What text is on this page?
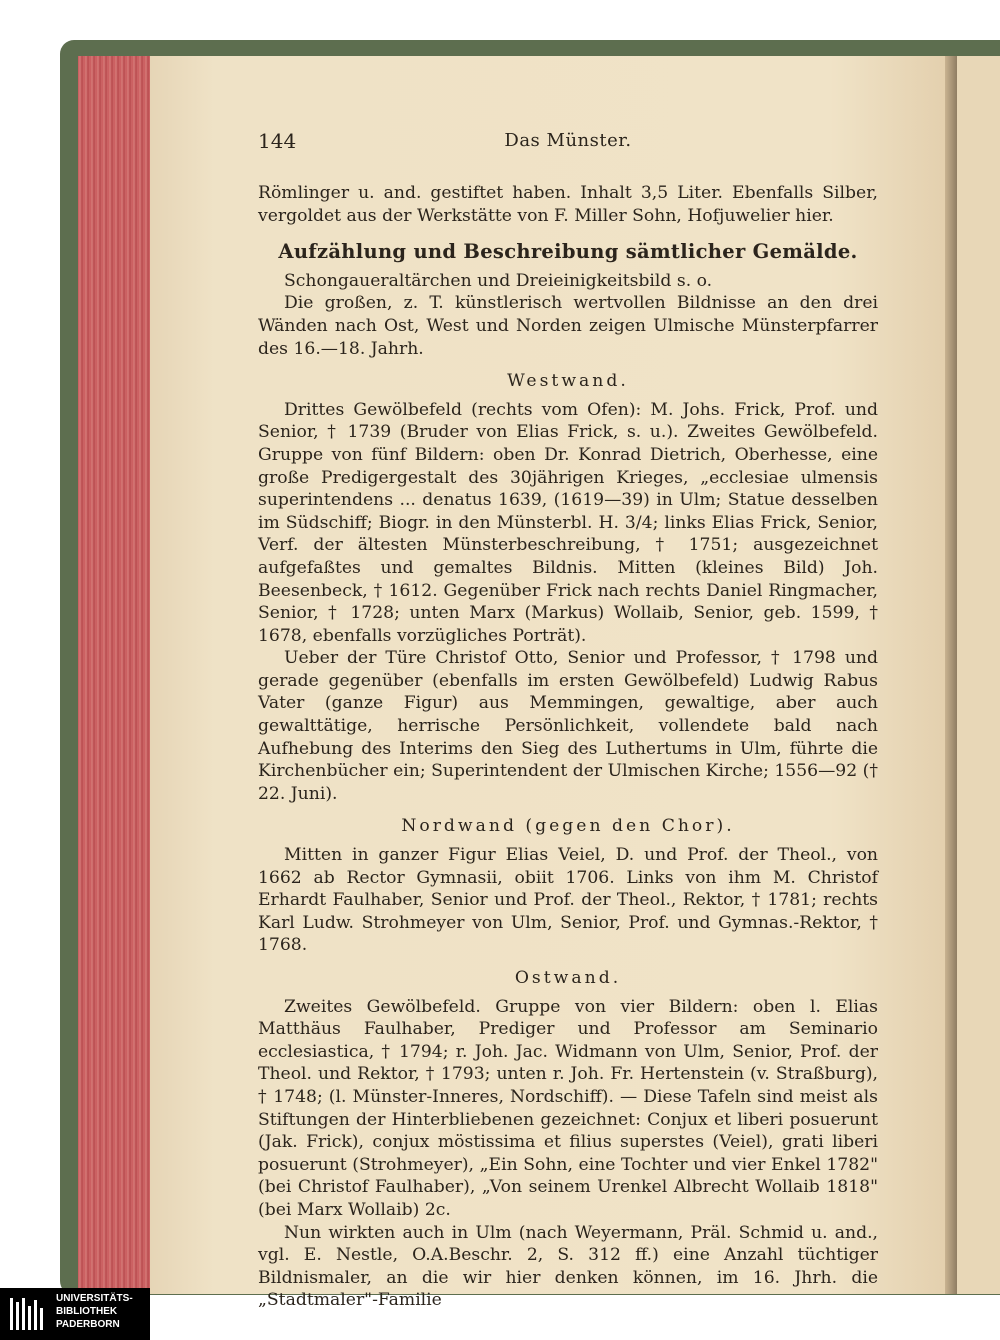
144	Das Münster.

Römlinger u. and. gestiftet haben. Inhalt 3,5 Liter. Ebenfalls Silber, vergoldet aus der Werkstätte von F. Miller Sohn, Hofjuwelier hier.

Aufzählung und Beschreibung sämtlicher Gemälde.

Schongaueraltärchen und Dreieinigkeitsbild s. o.

Die großen, z. T. künstlerisch wertvollen Bildnisse an den drei Wänden nach Ost, West und Norden zeigen Ulmische Münsterpfarrer des 16.—18. Jahrh.

Westwand.

Drittes Gewölbefeld (rechts vom Ofen): M. Johs. Frick, Prof. und Senior, † 1739 (Bruder von Elias Frick, s. u.). Zweites Gewölbefeld. Gruppe von fünf Bildern: oben Dr. Konrad Dietrich, Oberhesse, eine große Predigergestalt des 30jährigen Krieges, „ecclesiae ulmensis superintendens ... denatus 1639, (1619—39) in Ulm; Statue desselben im Südschiff; Biogr. in den Münsterbl. H. 3/4; links Elias Frick, Senior, Verf. der ältesten Münsterbeschreibung, † 1751; ausgezeichnet aufgefaßtes und gemaltes Bildnis. Mitten (kleines Bild) Joh. Beesenbeck, † 1612. Gegenüber Frick nach rechts Daniel Ringmacher, Senior, † 1728; unten Marx (Markus) Wollaib, Senior, geb. 1599, † 1678, ebenfalls vorzügliches Porträt).

Ueber der Türe Christof Otto, Senior und Professor, † 1798 und gerade gegenüber (ebenfalls im ersten Gewölbefeld) Ludwig Rabus Vater (ganze Figur) aus Memmingen, gewaltige, aber auch gewalttätige, herrische Persönlichkeit, vollendete bald nach Aufhebung des Interims den Sieg des Luthertums in Ulm, führte die Kirchenbücher ein; Superintendent der Ulmischen Kirche; 1556—92 († 22. Juni).

Nordwand (gegen den Chor).

Mitten in ganzer Figur Elias Veiel, D. und Prof. der Theol., von 1662 ab Rector Gymnasii, obiit 1706. Links von ihm M. Christof Erhardt Faulhaber, Senior und Prof. der Theol., Rektor, † 1781; rechts Karl Ludw. Strohmeyer von Ulm, Senior, Prof. und Gymnas.-Rektor, † 1768.

Ostwand.

Zweites Gewölbefeld. Gruppe von vier Bildern: oben l. Elias Matthäus Faulhaber, Prediger und Professor am Seminario ecclesiastica, † 1794; r. Joh. Jac. Widmann von Ulm, Senior, Prof. der Theol. und Rektor, † 1793; unten r. Joh. Fr. Hertenstein (v. Straßburg), † 1748; (l. Münster-Inneres, Nordschiff). — Diese Tafeln sind meist als Stiftungen der Hinterbliebenen gezeichnet: Conjux et liberi posuerunt (Jak. Frick), conjux möstissima et filius superstes (Veiel), grati liberi posuerunt (Strohmeyer), „Ein Sohn, eine Tochter und vier Enkel 1782" (bei Christof Faulhaber), „Von seinem Urenkel Albrecht Wollaib 1818" (bei Marx Wollaib) 2c.

Nun wirkten auch in Ulm (nach Weyermann, Präl. Schmid u. and., vgl. E. Nestle, O.A.Beschr. 2, S. 312 ff.) eine Anzahl tüchtiger Bildnismaler, an die wir hier denken können, im 16. Jhrh. die „Stadtmaler"-Familie

UNIVERSITÄTS-
BIBLIOTHEK
PADERBORN
